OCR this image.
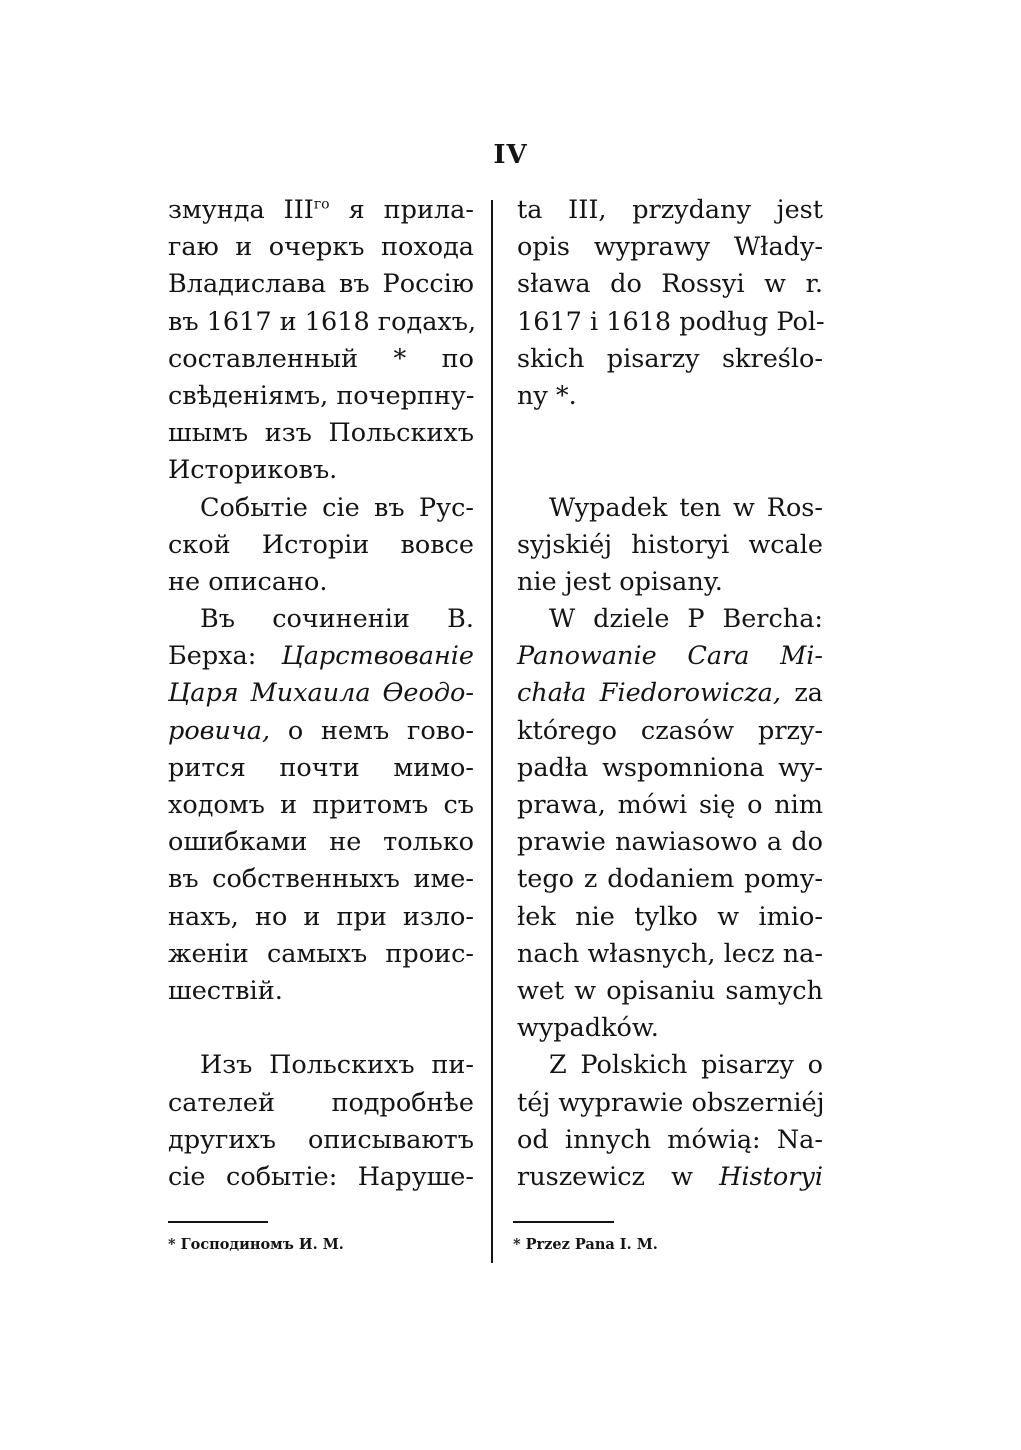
IV
змунда $III^{го}$ я прила-
гаю и очеркъ похода
Владислава въ Россію
въ 1617 и 1618 годахъ,
составленный * по
свѣденіямъ, почерпну-
шымъ изъ Польскихъ
Историковъ.
Событіе сіе въ Рус-
ской Исторіи вовсе
не описано.
Въ сочиненіи В.
Берха: Царствованіе
Царя Михаила Өеодо-
ровича, о немъ гово-
рится почти мимо-
ходомъ и притомъ съ
ошибками не только
въ собственныхъ име-
нахъ, но и при изло-
женіи самыхъ проис-
шествій.
Изъ Польскихъ пи-
сателей подробнѣе
другихъ описываютъ
сіе событіе: Наруше-
ta III, przydany jest
opis wyprawy Włady-
sława do Rossyi w r.
1617 i 1618 podług Pol-
skich pisarzy skreślo-
ny *.
Wypadek ten w Ros-
syjskiéj historyi wcale
nie jest opisany.
W dziele P Bercha:
Panowanie Cara Mi-
chała Fiedorowicza, za
którego czasów przy-
padła wspomniona wy-
prawa, mówi się o nim
prawie nawiasowo a do
tego z dodaniem pomy-
łek nie tylko w imio-
nach własnych, lecz na-
wet w opisaniu samych
wypadków.
Z Polskich pisarzy o
téj wyprawie obszerniéj
od innych mówią: Na-
ruszewicz w Historyi
* Господиномъ И. М.	* Przez Pana I. M.
